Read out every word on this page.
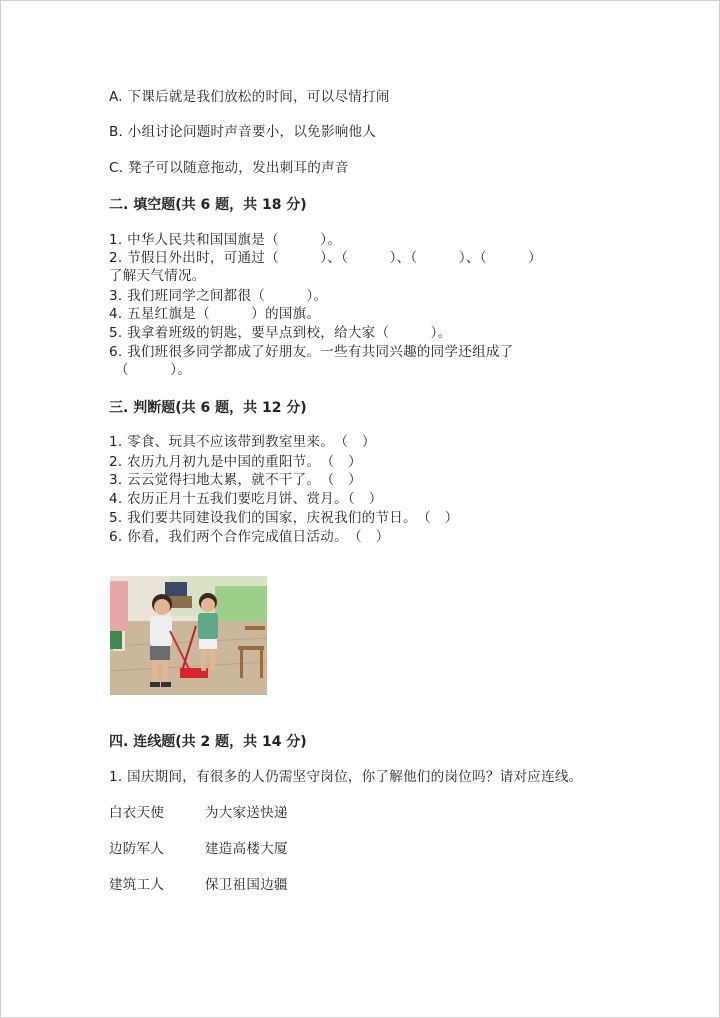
A. 下课后就是我们放松的时间，可以尽情打闹
B. 小组讨论问题时声音要小，以免影响他人
C. 凳子可以随意拖动，发出刺耳的声音
二. 填空题(共 6 题，共 18 分)
1. 中华人民共和国国旗是（　　　）。
2. 节假日外出时，可通过（　　　）、（　　　）、（　　　）、（　　　）
了解天气情况。
3. 我们班同学之间都很（　　　）。
4. 五星红旗是（　　　）的国旗。
5. 我拿着班级的钥匙，要早点到校，给大家（　　　）。
6. 我们班很多同学都成了好朋友。一些有共同兴趣的同学还组成了
（　　　）。
三. 判断题(共 6 题，共 12 分)
1. 零食、玩具不应该带到教室里来。　（　）
2. 农历九月初九是中国的重阳节。　（　）
3. 云云觉得扫地太累，就不干了。　（　）
4. 农历正月十五我们要吃月饼、赏月。（　）
5. 我们要共同建设我们的国家，庆祝我们的节日。　（　）
6. 你看，我们两个合作完成值日活动。　（　）
四. 连线题(共 2 题，共 14 分)
1. 国庆期间，有很多的人仍需坚守岗位，你了解他们的岗位吗？请对应连线。
白衣天使	为大家送快递
边防军人	建造高楼大厦
建筑工人	保卫祖国边疆
